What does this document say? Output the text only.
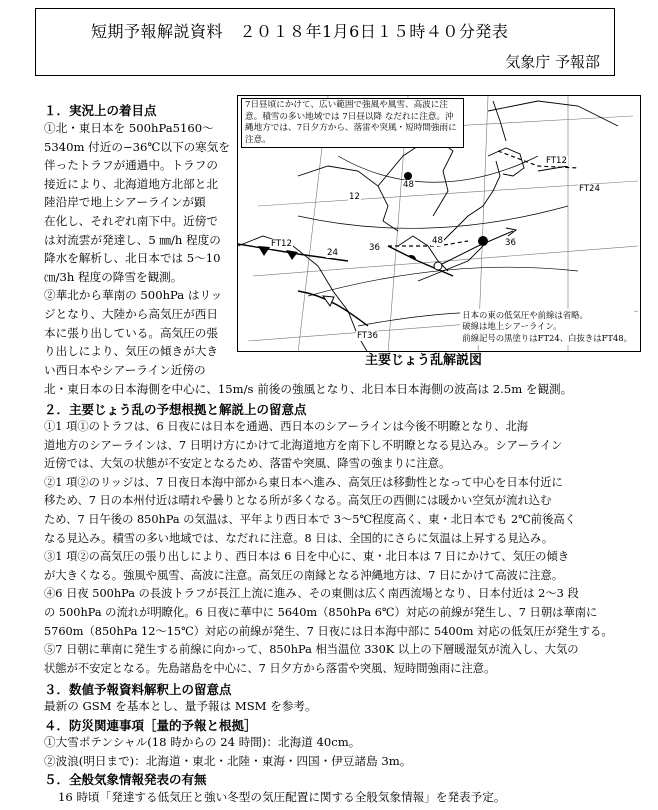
短期予報解説資料　２０１８年1月6日１５時４０分発表
気象庁 予報部
１．実況上の着目点
①北・東日本を 500hPa5160～
5340m 付近の−36℃以下の寒気を
伴ったトラフが通過中。トラフの
接近により、北海道地方北部と北
陸沿岸で地上シアーラインが顕
在化し、それぞれ南下中。近傍で
は対流雲が発達し、5 ㎜/h 程度の
降水を解析し、北日本では 5～10
㎝/3h 程度の降雪を観測。
②華北から華南の 500hPa はリッ
ジとなり、大陸から高気圧が西日
本に張り出している。高気圧の張
り出しにより、気圧の傾きが大き
い西日本やシアーライン近傍の
北・東日本の日本海側を中心に、15m/s 前後の強風となり、北日本日本海側の波高は 2.5m を観測。
7日昼頃にかけて、広い範囲で強風や風雪、高波に注意。積雪の多い地域では 7日昼以降 なだれに注意。沖縄地方では、7日夕方から、落雷や突風・短時間強雨に注意。
日本の東の低気圧や前線は省略。
破線は地上シアーライン。
前線記号の黒塗りはFT24、白抜きはFT48。
FT12
FT24
FT12
FT36
12
24	36
48
48	36
主要じょう乱解説図
２．主要じょう乱の予想根拠と解説上の留意点
①1 項①のトラフは、6 日夜には日本を通過、西日本のシアーラインは今後不明瞭となり、北海
道地方のシアーラインは、7 日明け方にかけて北海道地方を南下し不明瞭となる見込み。シアーライン
近傍では、大気の状態が不安定となるため、落雷や突風、降雪の強まりに注意。
②1 項②のリッジは、7 日夜日本海中部から東日本へ進み、高気圧は移動性となって中心を日本付近に
移ため、7 日の本州付近は晴れや曇りとなる所が多くなる。高気圧の西側には暖かい空気が流れ込む
ため、7 日午後の 850hPa の気温は、平年より西日本で 3～5℃程度高く、東・北日本でも 2℃前後高く
なる見込み。積雪の多い地域では、なだれに注意。8 日は、全国的にさらに気温は上昇する見込み。
③1 項②の高気圧の張り出しにより、西日本は 6 日を中心に、東・北日本は 7 日にかけて、気圧の傾き
が大きくなる。強風や風雪、高波に注意。高気圧の南縁となる沖縄地方は、7 日にかけて高波に注意。
④6 日夜 500hPa の長波トラフが長江上流に進み、その東側は広く南西流場となり、日本付近は 2～3 段
の 500hPa の流れが明瞭化。6 日夜に華中に 5640m（850hPa 6℃）対応の前線が発生し、7 日朝は華南に
5760m（850hPa 12～15℃）対応の前線が発生、7 日夜には日本海中部に 5400m 対応の低気圧が発生する。
⑤7 日朝に華南に発生する前線に向かって、850hPa 相当温位 330K 以上の下層暖湿気が流入し、大気の
状態が不安定となる。先島諸島を中心に、7 日夕方から落雷や突風、短時間強雨に注意。
３．数値予報資料解釈上の留意点
最新の GSM を基本とし、量予報は MSM を参考。
４．防災関連事項［量的予報と根拠］
①大雪ポテンシャル(18 時からの 24 時間)：北海道 40cm。
②波浪(明日まで)：北海道・東北・北陸・東海・四国・伊豆諸島 3m。
５．全般気象情報発表の有無
16 時頃「発達する低気圧と強い冬型の気圧配置に関する全般気象情報」を発表予定。
